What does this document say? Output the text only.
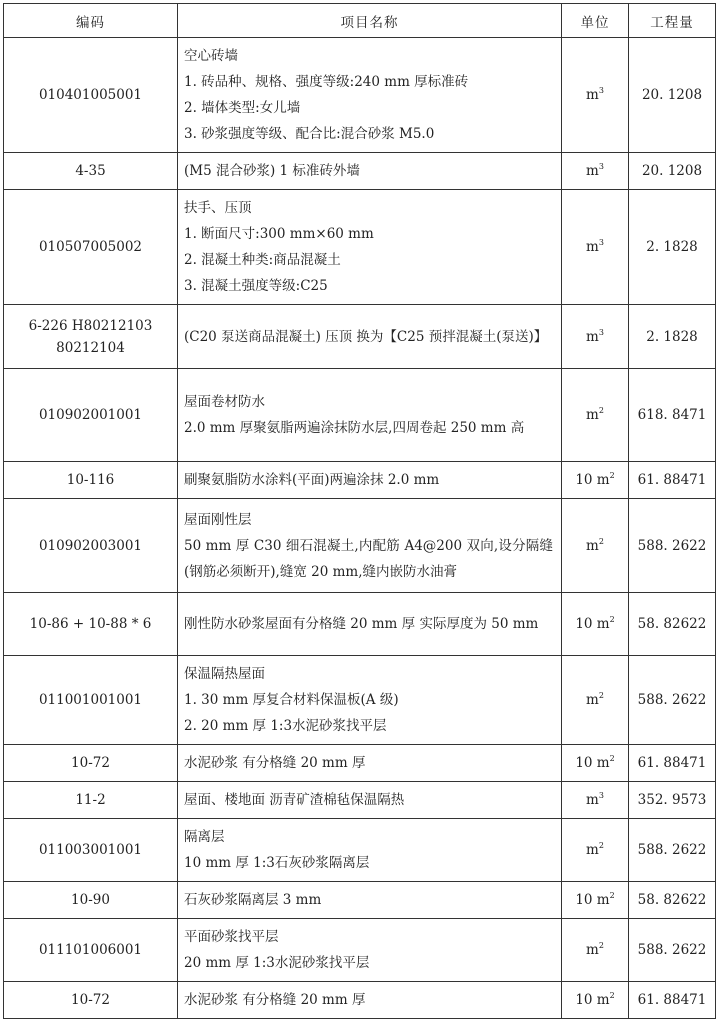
编码	项目名称	单位	工程量

010401005001	空心砖墙
1. 砖品种、规格、强度等级:240 mm 厚标准砖
2. 墙体类型:女儿墙
3. 砂浆强度等级、配合比:混合砂浆 M5.0	$m^3$	20. 1208

4-35	(M5 混合砂浆) 1 标准砖外墙	$m^3$	20. 1208

010507005002	扶手、压顶
1. 断面尺寸:300 mm×60 mm
2. 混凝土种类:商品混凝土
3. 混凝土强度等级:C25	$m^3$	2. 1828

6-226 H80212103
80212104	(C20 泵送商品混凝土) 压顶 换为【C25 预拌混凝土(泵送)】	$m^3$	2. 1828

010902001001	屋面卷材防水
2.0 mm 厚聚氨脂两遍涂抹防水层,四周卷起 250 mm 高	$m^2$	618. 8471

10-116	刷聚氨脂防水涂料(平面)两遍涂抹 2.0 mm	10 $m^2$	61. 88471

010902003001	屋面刚性层
50 mm 厚 C30 细石混凝土,内配筋 A4@200 双向,设分隔缝(钢筋必须断开),缝宽 20 mm,缝内嵌防水油膏	$m^2$	588. 2622

10-86 + 10-88 * 6	刚性防水砂浆屋面有分格缝 20 mm 厚 实际厚度为 50 mm	10 $m^2$	58. 82622

011001001001	保温隔热屋面
1. 30 mm 厚复合材料保温板(A 级)
2. 20 mm 厚 1:3水泥砂浆找平层	$m^2$	588. 2622

10-72	水泥砂浆 有分格缝 20 mm 厚	10 $m^2$	61. 88471

11-2	屋面、楼地面 沥青矿渣棉毡保温隔热	$m^3$	352. 9573

011003001001	隔离层
10 mm 厚 1:3石灰砂浆隔离层	$m^2$	588. 2622

10-90	石灰砂浆隔离层 3 mm	10 $m^2$	58. 82622

011101006001	平面砂浆找平层
20 mm 厚 1:3水泥砂浆找平层	$m^2$	588. 2622

10-72	水泥砂浆 有分格缝 20 mm 厚	10 $m^2$	61. 88471
